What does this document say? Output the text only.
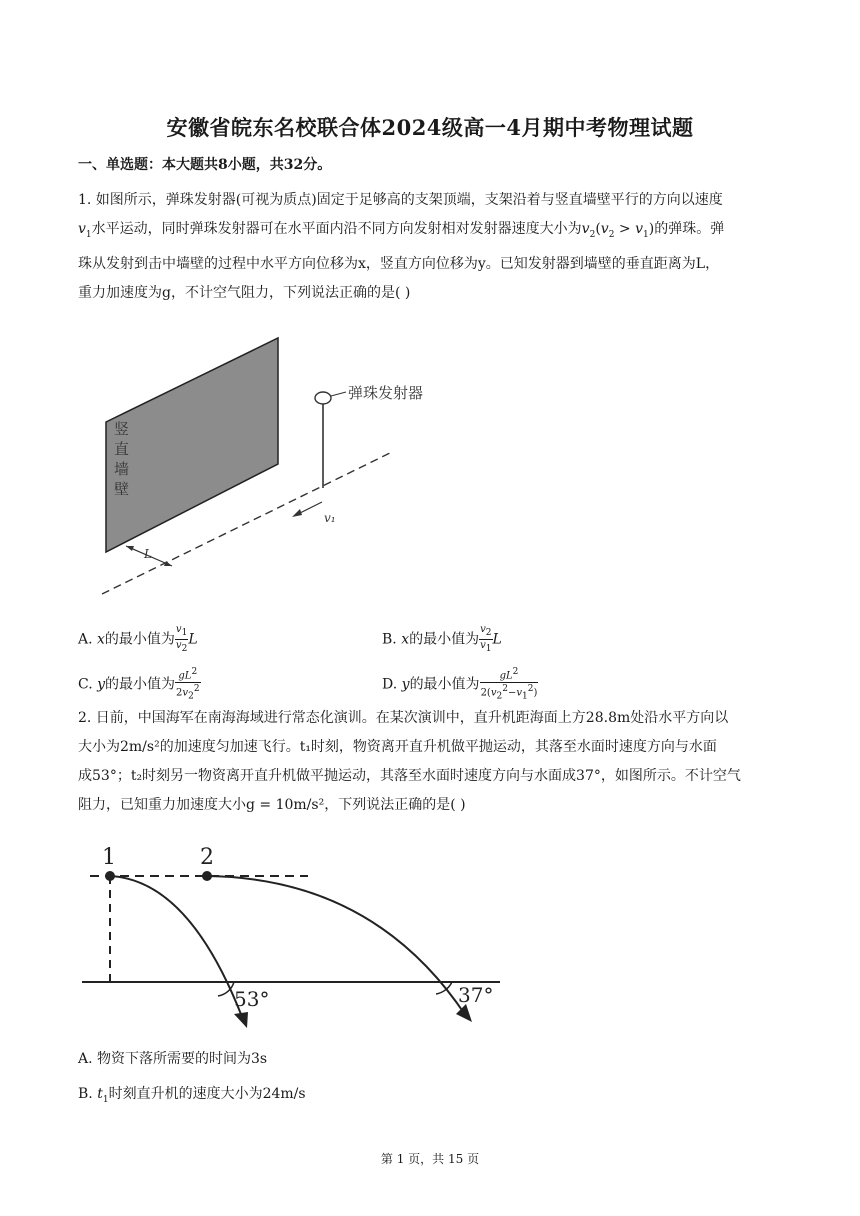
安徽省皖东名校联合体2024级高一4月期中考物理试题
一、单选题：本大题共8小题，共32分。
1. 如图所示，弹珠发射器(可视为质点)固定于足够高的支架顶端，支架沿着与竖直墙壁平行的方向以速度
$v_1$水平运动，同时弹珠发射器可在水平面内沿不同方向发射相对发射器速度大小为$v_2(v_2 > v_1)$的弹珠。弹
珠从发射到击中墙壁的过程中水平方向位移为x，竖直方向位移为y。已知发射器到墙壁的垂直距离为L，
重力加速度为g，不计空气阻力，下列说法正确的是( )
竖直墙壁
L
弹珠发射器
v₁
A. x的最小值为 $\frac{v_1}{v_2}$ L	B. x的最小值为 $\frac{v_2}{v_1}$ L
C. y的最小值为 $\frac{gL^2}{2v_2^2}$	D. y的最小值为 $\frac{gL^2}{2(v_2^2-v_1^2)}$
2. 日前，中国海军在南海海域进行常态化演训。在某次演训中，直升机距海面上方28.8m处沿水平方向以
大小为2m/s²的加速度匀加速飞行。t₁时刻，物资离开直升机做平抛运动，其落至水面时速度方向与水面
成53°；t₂时刻另一物资离开直升机做平抛运动，其落至水面时速度方向与水面成37°，如图所示。不计空气
阻力，已知重力加速度大小g = 10m/s²，下列说法正确的是( )
1	2
53°	37°
A. 物资下落所需要的时间为3s
B. $t_1$时刻直升机的速度大小为24m/s
第 1 页，共 15 页
